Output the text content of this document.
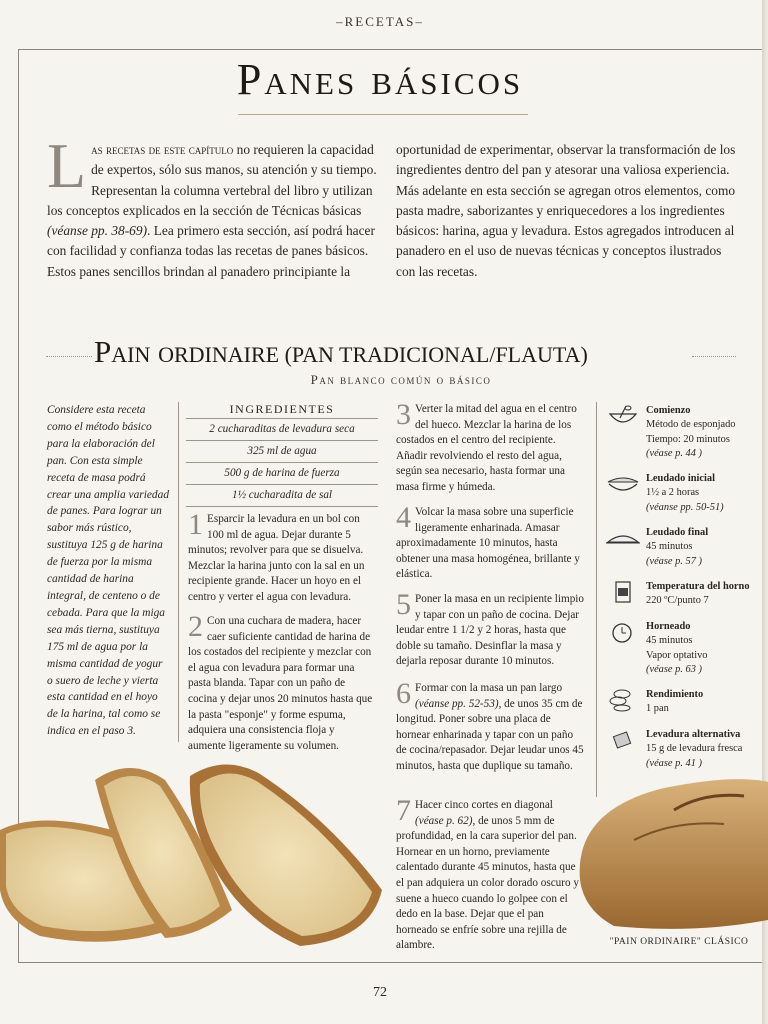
–RECETAS–
Panes básicos
Las recetas de este capítulo no requieren la capacidad de expertos, sólo sus manos, su atención y su tiempo. Representan la columna vertebral del libro y utilizan los conceptos explicados en la sección de Técnicas básicas (véanse pp. 38-69). Lea primero esta sección, así podrá hacer con facilidad y confianza todas las recetas de panes básicos. Estos panes sencillos brindan al panadero principiante la
oportunidad de experimentar, observar la transformación de los ingredientes dentro del pan y atesorar una valiosa experiencia. Más adelante en esta sección se agregan otros elementos, como pasta madre, saborizantes y enriquecedores a los ingredientes básicos: harina, agua y levadura. Estos agregados introducen al panadero en el uso de nuevas técnicas y conceptos ilustrados con las recetas.
Pain ordinaire (PAN TRADICIONAL/FLAUTA)
Pan blanco común o básico
Considere esta receta como el método básico para la elaboración del pan. Con esta simple receta de masa podrá crear una amplia variedad de panes. Para lograr un sabor más rústico, sustituya 125 g de harina de fuerza por la misma cantidad de harina integral, de centeno o de cebada. Para que la miga sea más tierna, sustituya 175 ml de agua por la misma cantidad de yogur o suero de leche y vierta esta cantidad en el hoyo de la harina, tal como se indica en el paso 3.
INGREDIENTES
2 cucharaditas de levadura seca
325 ml de agua
500 g de harina de fuerza
1½ cucharadita de sal
1 Esparcir la levadura en un bol con 100 ml de agua. Dejar durante 5 minutos; revolver para que se disuelva. Mezclar la harina junto con la sal en un recipiente grande. Hacer un hoyo en el centro y verter el agua con levadura.
2 Con una cuchara de madera, hacer caer suficiente cantidad de harina de los costados del recipiente y mezclar con el agua con levadura para formar una pasta blanda. Tapar con un paño de cocina y dejar unos 20 minutos hasta que la pasta "esponje" y forme espuma, adquiera una consistencia floja y aumente ligeramente su volumen.
3 Verter la mitad del agua en el centro del hueco. Mezclar la harina de los costados en el centro del recipiente. Añadir revolviendo el resto del agua, según sea necesario, hasta formar una masa firme y húmeda.
4 Volcar la masa sobre una superficie ligeramente enharinada. Amasar aproximadamente 10 minutos, hasta obtener una masa homogénea, brillante y elástica.
5 Poner la masa en un recipiente limpio y tapar con un paño de cocina. Dejar leudar entre 1 1/2 y 2 horas, hasta que doble su tamaño. Desinflar la masa y dejarla reposar durante 10 minutos.
6 Formar con la masa un pan largo (véanse pp. 52-53), de unos 35 cm de longitud. Poner sobre una placa de hornear enharinada y tapar con un paño de cocina/repasador. Dejar leudar unos 45 minutos, hasta que duplique su tamaño.
7 Hacer cinco cortes en diagonal (véase p. 62), de unos 5 mm de profundidad, en la cara superior del pan. Hornear en un horno, previamente calentado durante 45 minutos, hasta que el pan adquiera un color dorado oscuro y suene a hueco cuando lo golpee con el dedo en la base. Dejar que el pan horneado se enfríe sobre una rejilla de alambre.
Comienzo
Método de esponjado
Tiempo: 20 minutos
(véase p. 44 )
Leudado inicial
1½ a 2 horas
(véanse pp. 50-51)
Leudado final
45 minutos
(véase p. 57 )
Temperatura del horno
220 ºC/punto 7
Horneado
45 minutos
Vapor optativo
(véase p. 63 )
Rendimiento
1 pan
Levadura alternativa
15 g de levadura fresca
(véase p. 41 )
"PAIN ORDINAIRE" CLÁSICO
72
